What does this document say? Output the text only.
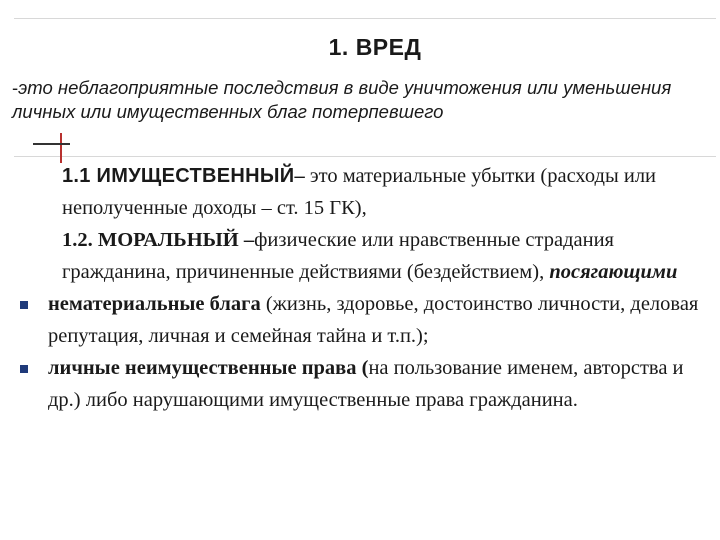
1. ВРЕД
-это неблагоприятные последствия в виде уничтожения или уменьшения личных или имущественных благ потерпевшего

1.1 ИМУЩЕСТВЕННЫЙ– это материальные убытки (расходы или неполученные доходы – ст. 15 ГК),

1.2. МОРАЛЬНЫЙ –физические или нравственные страдания гражданина, причиненные действиями (бездействием), посягающими

нематериальные блага (жизнь, здоровье, достоинство личности, деловая репутация, личная и семейная тайна и т.п.);
личные неимущественные права (на пользование именем, авторства и др.) либо нарушающими имущественные права гражданина.
